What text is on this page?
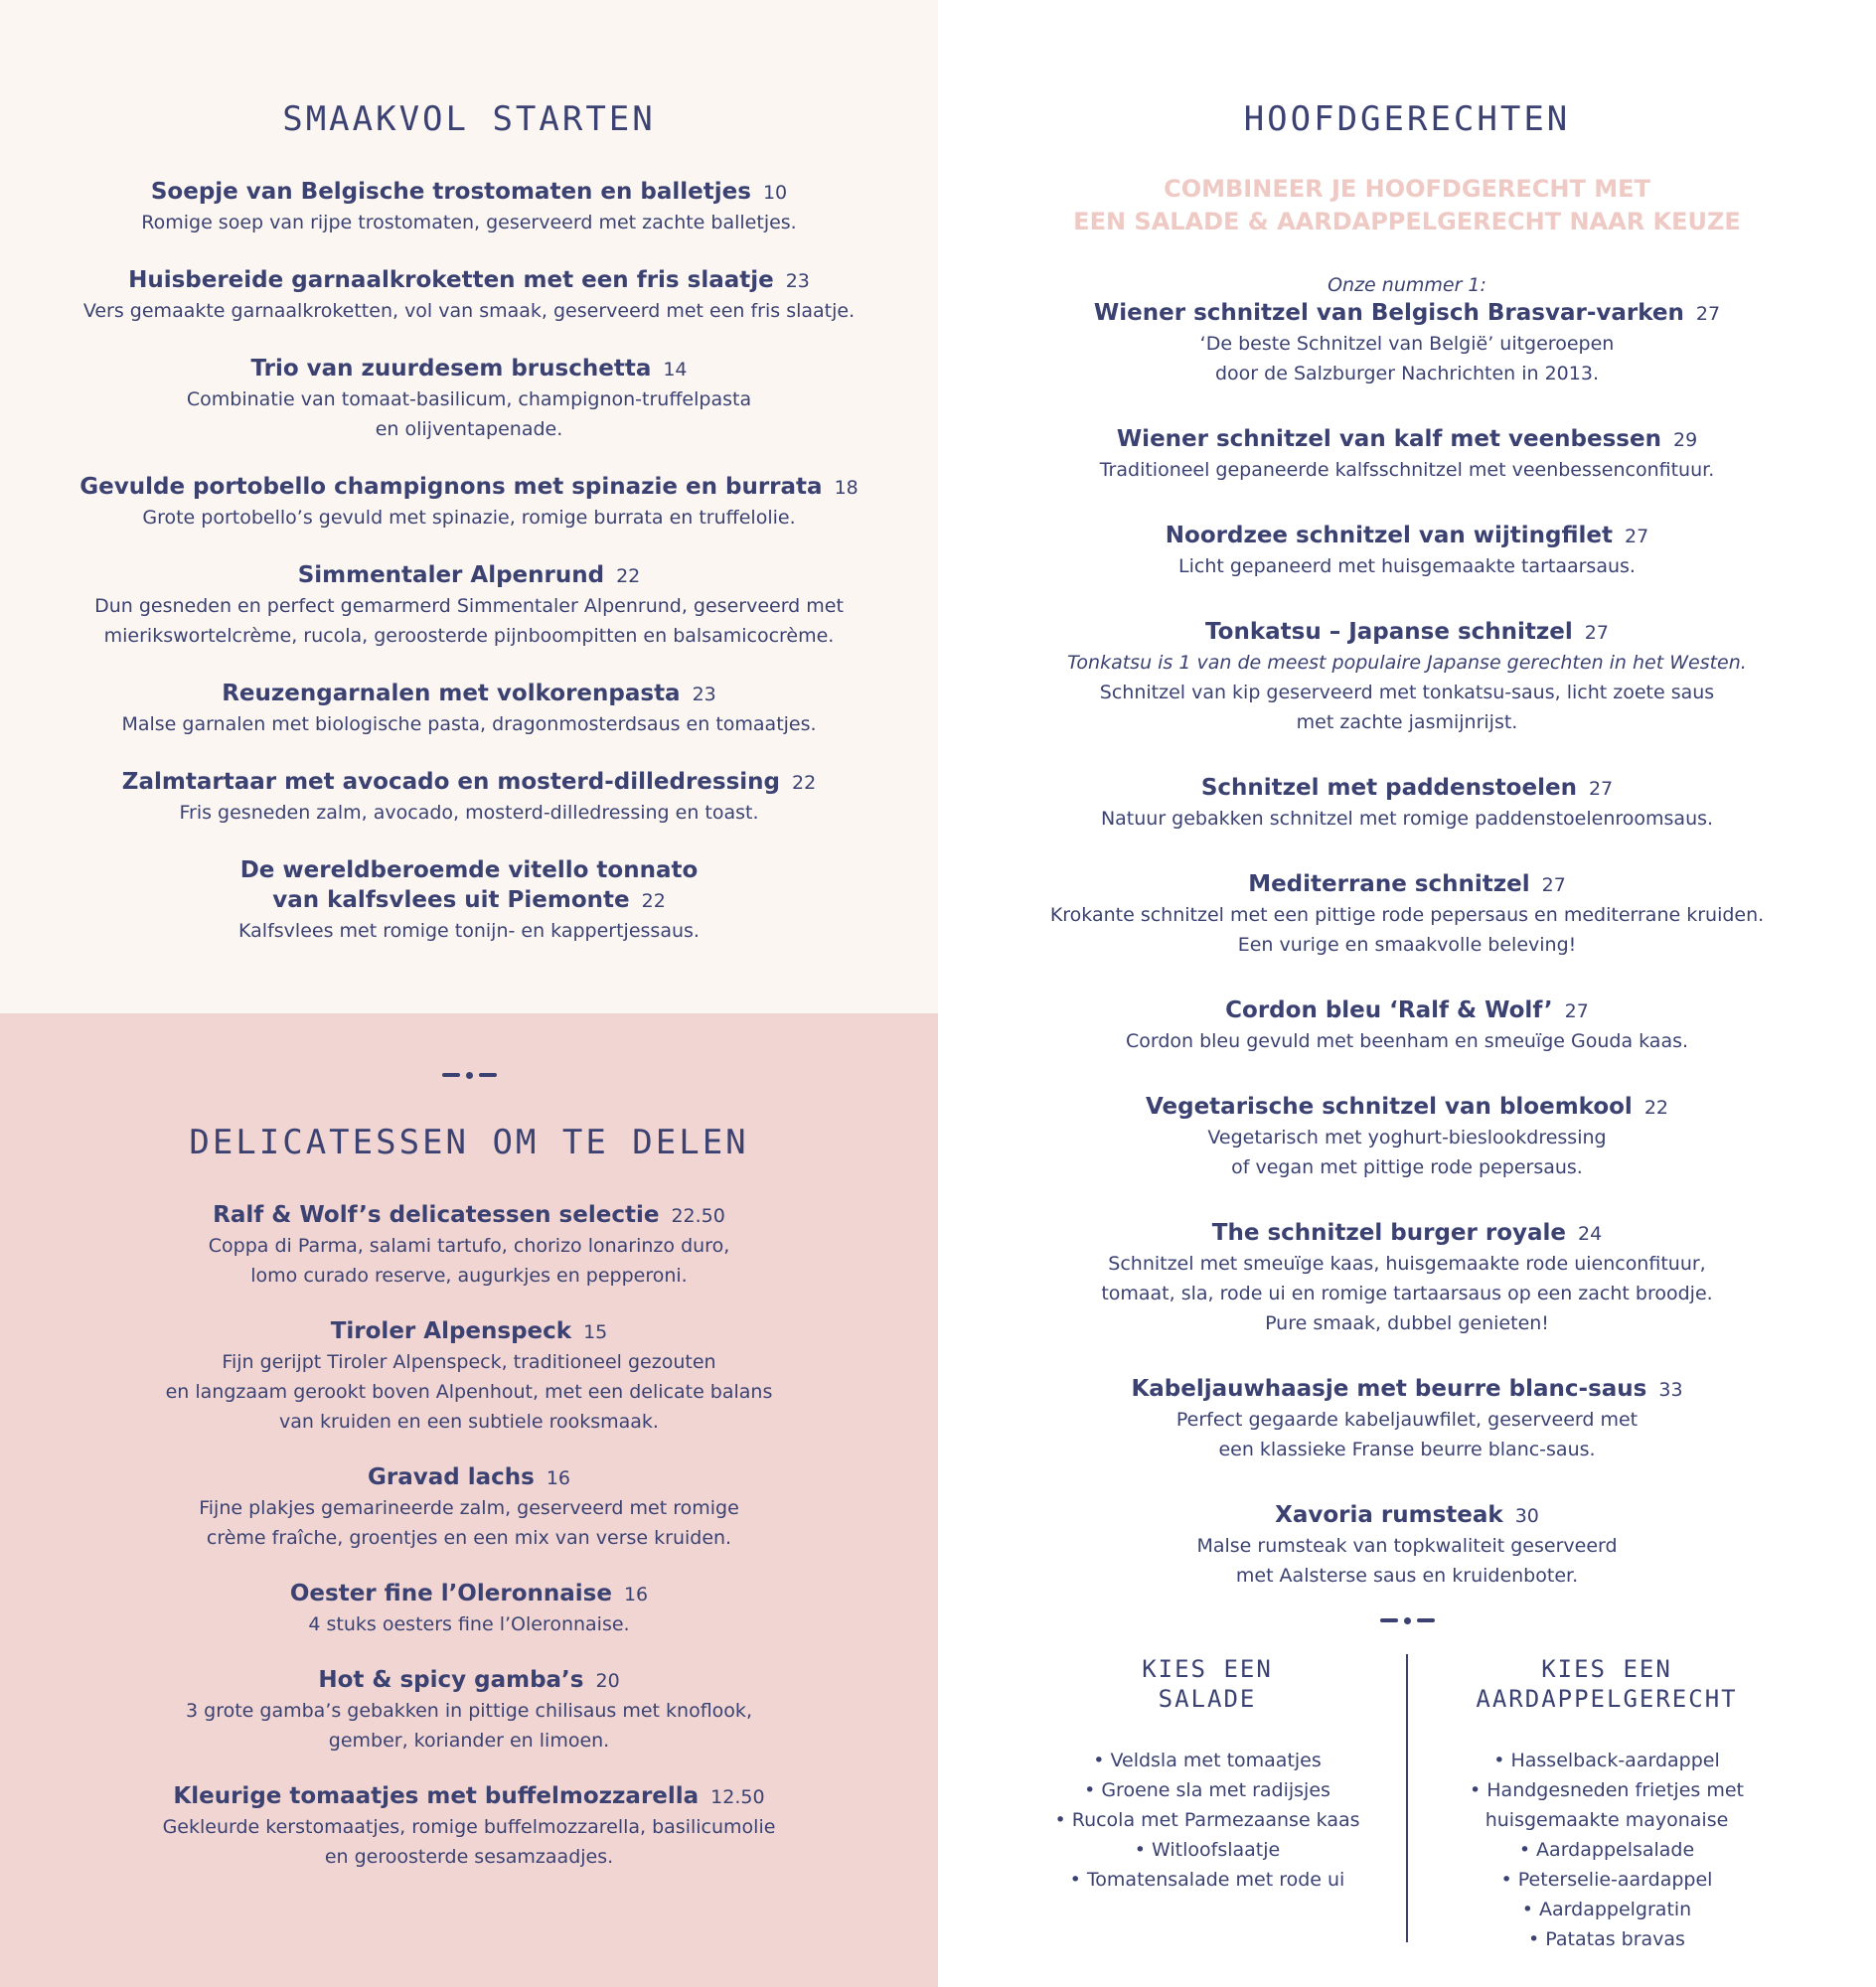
SMAAKVOL STARTEN
Soepje van Belgische trostomaten en balletjes 10
Romige soep van rijpe trostomaten, geserveerd met zachte balletjes.
Huisbereide garnaalkroketten met een fris slaatje 23
Vers gemaakte garnaalkroketten, vol van smaak, geserveerd met een fris slaatje.
Trio van zuurdesem bruschetta 14
Combinatie van tomaat-basilicum, champignon-truffelpasta
en olijventapenade.
Gevulde portobello champignons met spinazie en burrata 18
Grote portobello’s gevuld met spinazie, romige burrata en truffelolie.
Simmentaler Alpenrund 22
Dun gesneden en perfect gemarmerd Simmentaler Alpenrund, geserveerd met
mierikswortelcrème, rucola, geroosterde pijnboompitten en balsamicocrème.
Reuzengarnalen met volkorenpasta 23
Malse garnalen met biologische pasta, dragonmosterdsaus en tomaatjes.
Zalmtartaar met avocado en mosterd-dilledressing 22
Fris gesneden zalm, avocado, mosterd-dilledressing en toast.
De wereldberoemde vitello tonnato
van kalfsvlees uit Piemonte 22
Kalfsvlees met romige tonijn- en kappertjessaus.
DELICATESSEN OM TE DELEN
Ralf & Wolf’s delicatessen selectie 22.50
Coppa di Parma, salami tartufo, chorizo lonarinzo duro,
lomo curado reserve, augurkjes en pepperoni.
Tiroler Alpenspeck 15
Fijn gerijpt Tiroler Alpenspeck, traditioneel gezouten
en langzaam gerookt boven Alpenhout, met een delicate balans
van kruiden en een subtiele rooksmaak.
Gravad lachs 16
Fijne plakjes gemarineerde zalm, geserveerd met romige
crème fraîche, groentjes en een mix van verse kruiden.
Oester fine l’Oleronnaise 16
4 stuks oesters fine l’Oleronnaise.
Hot & spicy gamba’s 20
3 grote gamba’s gebakken in pittige chilisaus met knoflook,
gember, koriander en limoen.
Kleurige tomaatjes met buffelmozzarella 12.50
Gekleurde kerstomaatjes, romige buffelmozzarella, basilicumolie
en geroosterde sesamzaadjes.
HOOFDGERECHTEN
COMBINEER JE HOOFDGERECHT MET
EEN SALADE & AARDAPPELGERECHT NAAR KEUZE
Onze nummer 1:
Wiener schnitzel van Belgisch Brasvar-varken 27
‘De beste Schnitzel van België’ uitgeroepen
door de Salzburger Nachrichten in 2013.
Wiener schnitzel van kalf met veenbessen 29
Traditioneel gepaneerde kalfsschnitzel met veenbessenconfituur.
Noordzee schnitzel van wijtingfilet 27
Licht gepaneerd met huisgemaakte tartaarsaus.
Tonkatsu – Japanse schnitzel 27
Tonkatsu is 1 van de meest populaire Japanse gerechten in het Westen.
Schnitzel van kip geserveerd met tonkatsu-saus, licht zoete saus
met zachte jasmijnrijst.
Schnitzel met paddenstoelen 27
Natuur gebakken schnitzel met romige paddenstoelenroomsaus.
Mediterrane schnitzel 27
Krokante schnitzel met een pittige rode pepersaus en mediterrane kruiden.
Een vurige en smaakvolle beleving!
Cordon bleu ‘Ralf & Wolf’ 27
Cordon bleu gevuld met beenham en smeuïge Gouda kaas.
Vegetarische schnitzel van bloemkool 22
Vegetarisch met yoghurt-bieslookdressing
of vegan met pittige rode pepersaus.
The schnitzel burger royale 24
Schnitzel met smeuïge kaas, huisgemaakte rode uienconfituur,
tomaat, sla, rode ui en romige tartaarsaus op een zacht broodje.
Pure smaak, dubbel genieten!
Kabeljauwhaasje met beurre blanc-saus 33
Perfect gegaarde kabeljauwfilet, geserveerd met
een klassieke Franse beurre blanc-saus.
Xavoria rumsteak 30
Malse rumsteak van topkwaliteit geserveerd
met Aalsterse saus en kruidenboter.
KIES EEN
SALADE
• Veldsla met tomaatjes
• Groene sla met radijsjes
• Rucola met Parmezaanse kaas
• Witloofslaatje
• Tomatensalade met rode ui
KIES EEN
AARDAPPELGERECHT
• Hasselback-aardappel
• Handgesneden frietjes met
huisgemaakte mayonaise
• Aardappelsalade
• Peterselie-aardappel
• Aardappelgratin
• Patatas bravas
